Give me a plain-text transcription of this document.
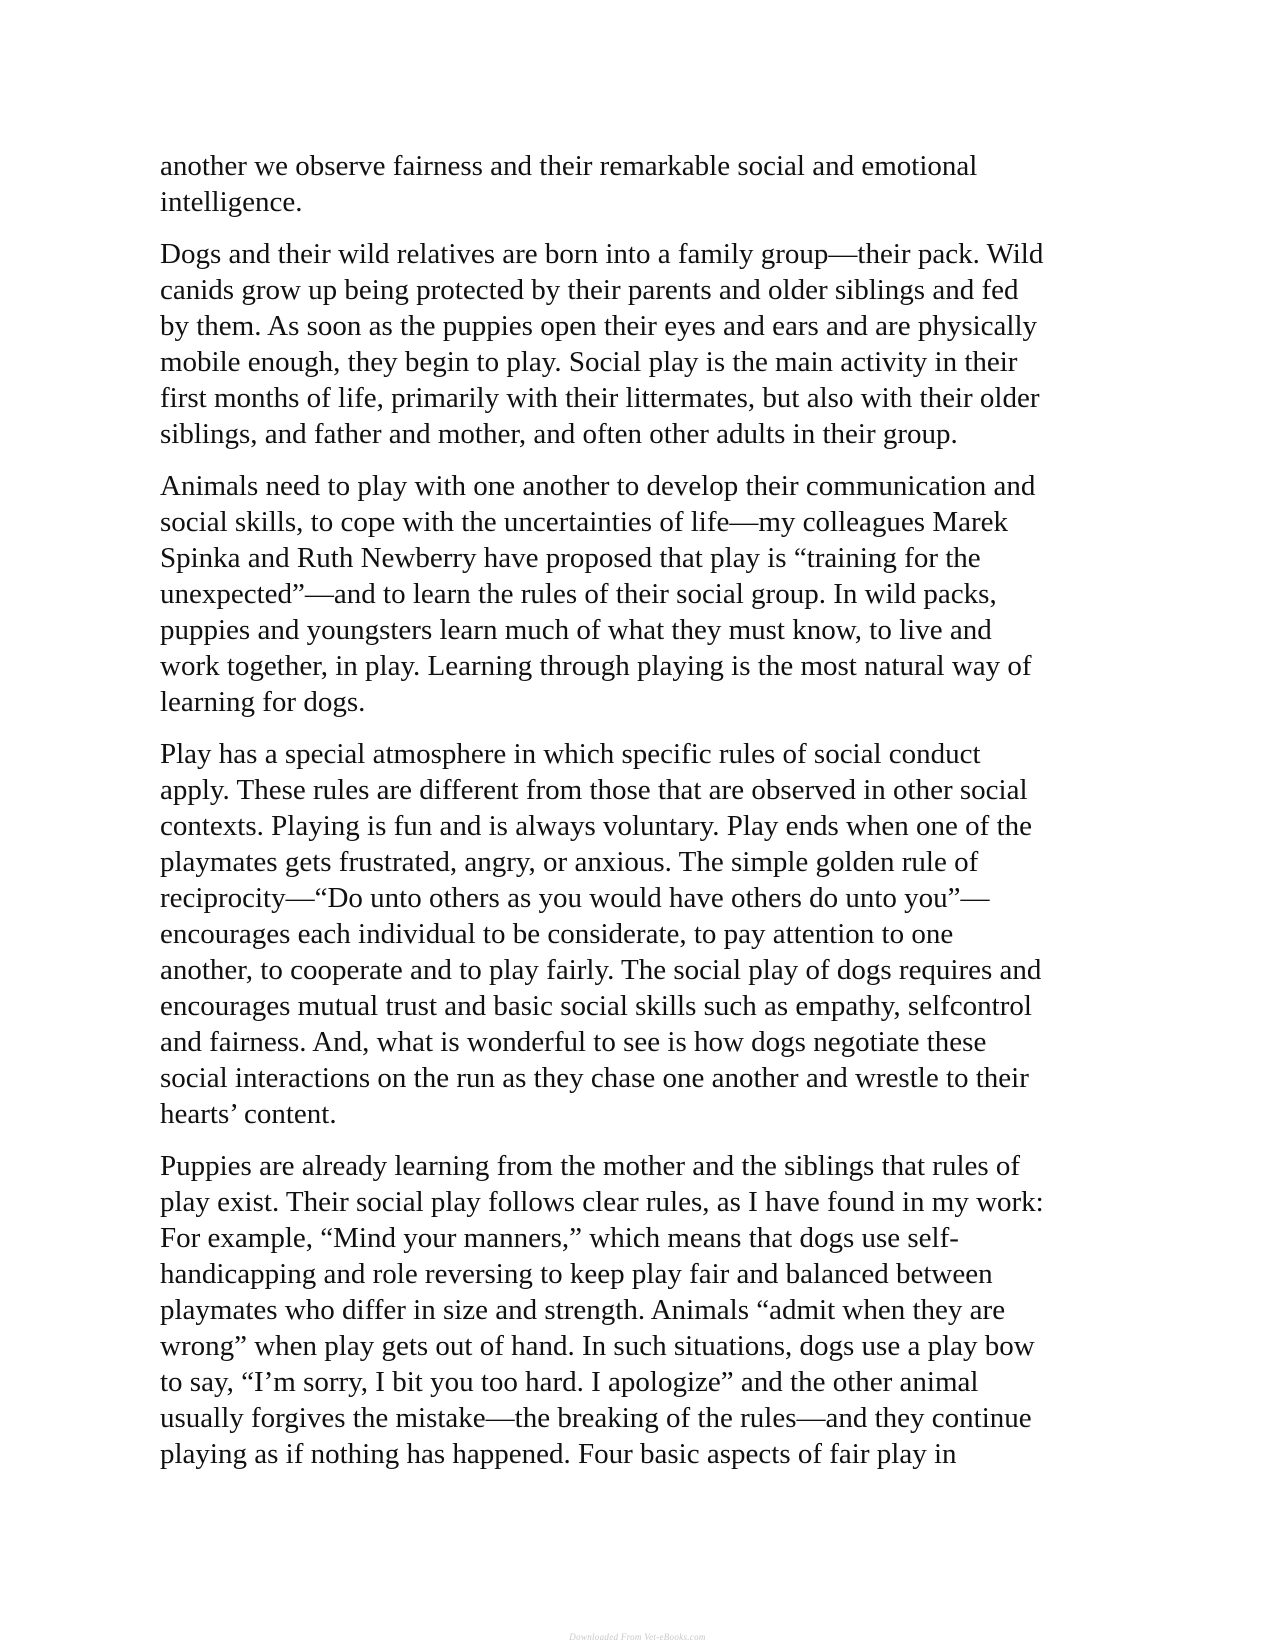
another we observe fairness and their remarkable social and emotional
intelligence.

Dogs and their wild relatives are born into a family group—their pack. Wild
canids grow up being protected by their parents and older siblings and fed
by them. As soon as the puppies open their eyes and ears and are physically
mobile enough, they begin to play. Social play is the main activity in their
first months of life, primarily with their littermates, but also with their older
siblings, and father and mother, and often other adults in their group.

Animals need to play with one another to develop their communication and
social skills, to cope with the uncertainties of life—my colleagues Marek
Spinka and Ruth Newberry have proposed that play is “training for the
unexpected”—and to learn the rules of their social group. In wild packs,
puppies and youngsters learn much of what they must know, to live and
work together, in play. Learning through playing is the most natural way of
learning for dogs.

Play has a special atmosphere in which specific rules of social conduct
apply. These rules are different from those that are observed in other social
contexts. Playing is fun and is always voluntary. Play ends when one of the
playmates gets frustrated, angry, or anxious. The simple golden rule of
reciprocity—“Do unto others as you would have others do unto you”—
encourages each individual to be considerate, to pay attention to one
another, to cooperate and to play fairly. The social play of dogs requires and
encourages mutual trust and basic social skills such as empathy, selfcontrol
and fairness. And, what is wonderful to see is how dogs negotiate these
social interactions on the run as they chase one another and wrestle to their
hearts’ content.

Puppies are already learning from the mother and the siblings that rules of
play exist. Their social play follows clear rules, as I have found in my work:
For example, “Mind your manners,” which means that dogs use self-
handicapping and role reversing to keep play fair and balanced between
playmates who differ in size and strength. Animals “admit when they are
wrong” when play gets out of hand. In such situations, dogs use a play bow
to say, “I’m sorry, I bit you too hard. I apologize” and the other animal
usually forgives the mistake—the breaking of the rules—and they continue
playing as if nothing has happened. Four basic aspects of fair play in

Downloaded From Vet-eBooks.com
